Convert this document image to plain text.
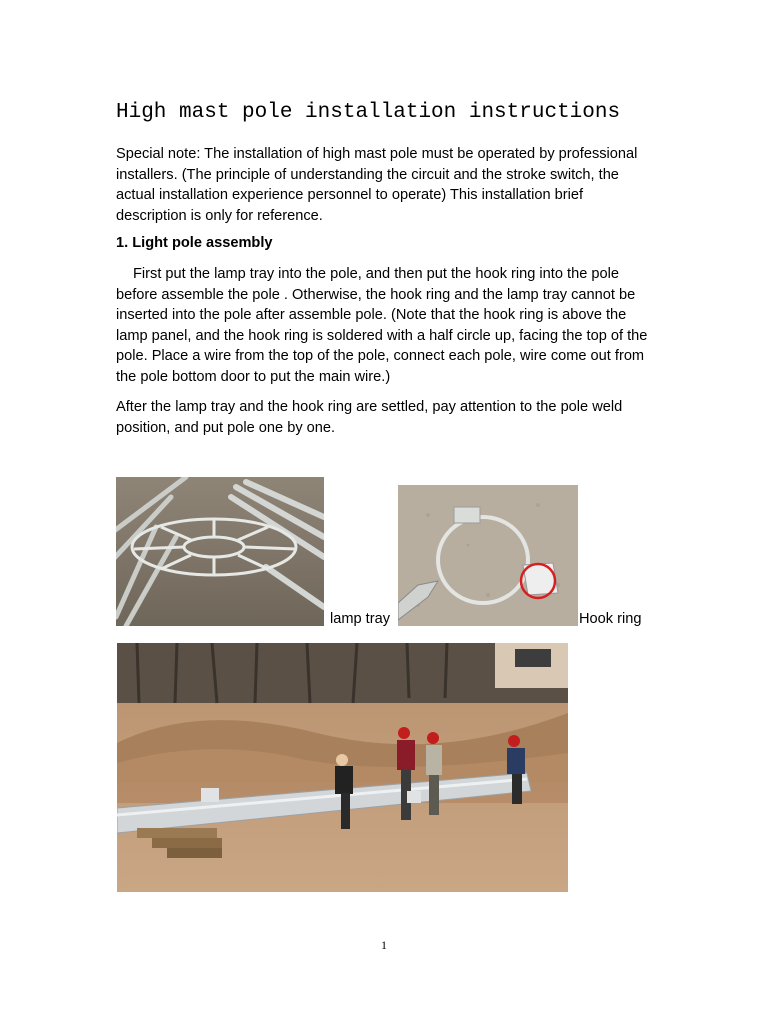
High mast pole installation instructions

Special note: The installation of high mast pole must be operated by professional installers. (The principle of understanding the circuit and the stroke switch, the actual installation experience personnel to operate) This installation brief description is only for reference.

1. Light pole assembly

First put the lamp tray into the pole, and then put the hook ring into the pole before assemble the pole . Otherwise, the hook ring and the lamp tray cannot be inserted into the pole after assemble pole. (Note that the hook ring is above the lamp panel, and the hook ring is soldered with a half circle up, facing the top of the pole. Place a wire from the top of the pole, connect each pole, wire come out from the pole bottom door to put the main wire.)

After the lamp tray and the hook ring are settled, pay attention to the pole weld position, and put pole one by one.

lamp tray	Hook ring
1
